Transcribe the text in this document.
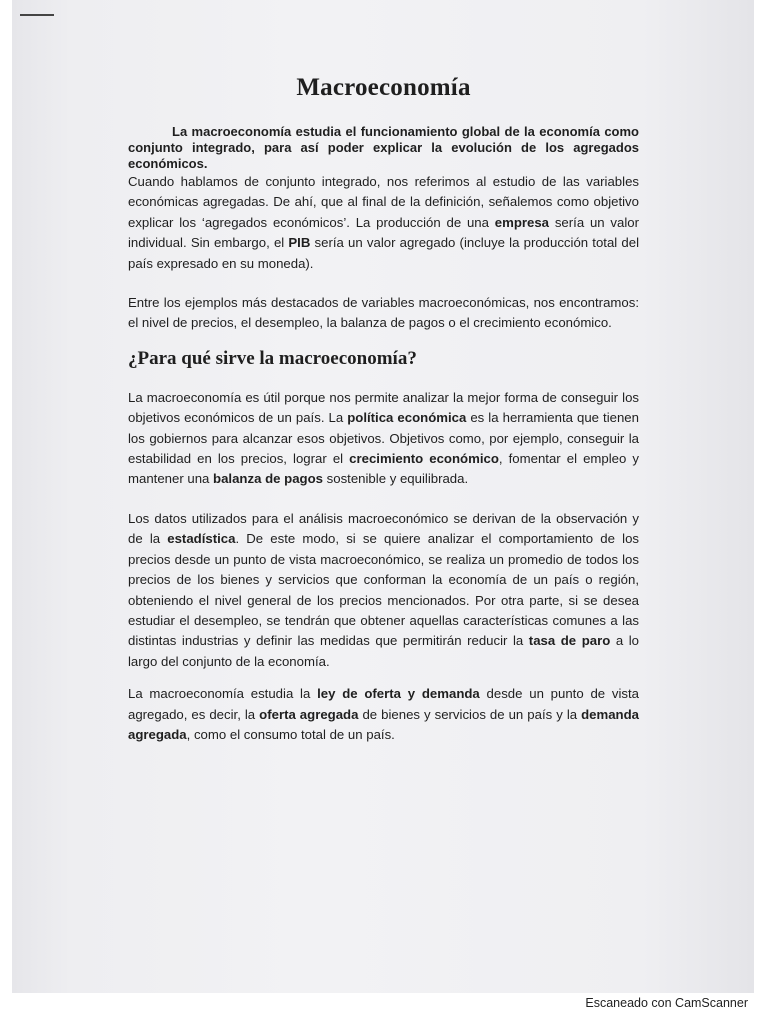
Macroeconomía

La macroeconomía estudia el funcionamiento global de la economía como conjunto integrado, para así poder explicar la evolución de los agregados económicos.

Cuando hablamos de conjunto integrado, nos referimos al estudio de las variables económicas agregadas. De ahí, que al final de la definición, señalemos como objetivo explicar los ‘agregados económicos’. La producción de una empresa sería un valor individual. Sin embargo, el PIB sería un valor agregado (incluye la producción total del país expresado en su moneda).

Entre los ejemplos más destacados de variables macroeconómicas, nos encontramos: el nivel de precios, el desempleo, la balanza de pagos o el crecimiento económico.

¿Para qué sirve la macroeconomía?

La macroeconomía es útil porque nos permite analizar la mejor forma de conseguir los objetivos económicos de un país. La política económica es la herramienta que tienen los gobiernos para alcanzar esos objetivos. Objetivos como, por ejemplo, conseguir la estabilidad en los precios, lograr el crecimiento económico, fomentar el empleo y mantener una balanza de pagos sostenible y equilibrada.

Los datos utilizados para el análisis macroeconómico se derivan de la observación y de la estadística. De este modo, si se quiere analizar el comportamiento de los precios desde un punto de vista macroeconómico, se realiza un promedio de todos los precios de los bienes y servicios que conforman la economía de un país o región, obteniendo el nivel general de los precios mencionados. Por otra parte, si se desea estudiar el desempleo, se tendrán que obtener aquellas características comunes a las distintas industrias y definir las medidas que permitirán reducir la tasa de paro a lo largo del conjunto de la economía.

La macroeconomía estudia la ley de oferta y demanda desde un punto de vista agregado, es decir, la oferta agregada de bienes y servicios de un país y la demanda agregada, como el consumo total de un país.

Escaneado con CamScanner
